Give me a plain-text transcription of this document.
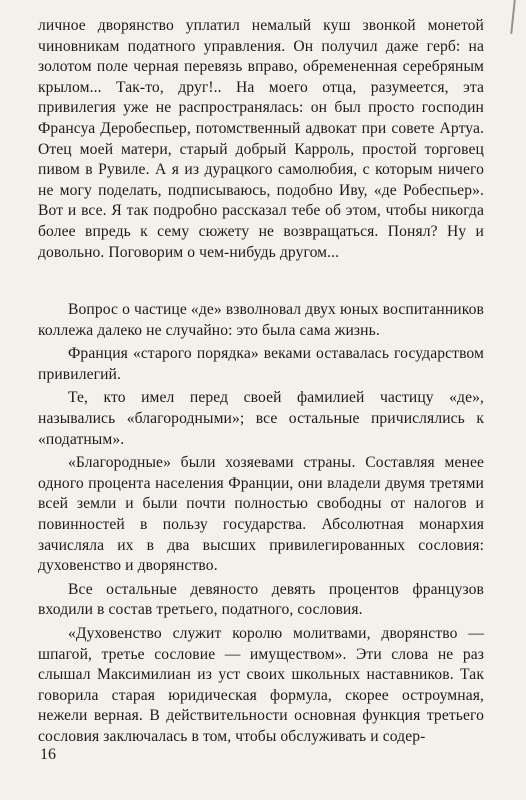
личное дворянство уплатил немалый куш звонкой монетой чиновникам податного управления. Он получил даже герб: на золотом поле черная перевязь вправо, обремененная серебряным крылом... Так-то, друг!.. На моего отца, разумеется, эта привилегия уже не распространялась: он был просто господин Франсуа Деробеспьер, потомственный адвокат при совете Артуа. Отец моей матери, старый добрый Карроль, простой торговец пивом в Рувиле. А я из дурацкого самолюбия, с которым ничего не могу поделать, подписываюсь, подобно Иву, «де Робеспьер». Вот и все. Я так подробно рассказал тебе об этом, чтобы никогда более впредь к сему сюжету не возвращаться. Понял? Ну и довольно. Поговорим о чем-нибудь другом...

Вопрос о частице «де» взволновал двух юных воспитанников коллежа далеко не случайно: это была сама жизнь.

Франция «старого порядка» веками оставалась государством привилегий.

Те, кто имел перед своей фамилией частицу «де», назывались «благородными»; все остальные причислялись к «податным».

«Благородные» были хозяевами страны. Составляя менее одного процента населения Франции, они владели двумя третями всей земли и были почти полностью свободны от налогов и повинностей в пользу государства. Абсолютная монархия зачисляла их в два высших привилегированных сословия: духовенство и дворянство.

Все остальные девяносто девять процентов французов входили в состав третьего, податного, сословия.

«Духовенство служит королю молитвами, дворянство — шпагой, третье сословие — имуществом». Эти слова не раз слышал Максимилиан из уст своих школьных наставников. Так говорила старая юридическая формула, скорее остроумная, нежели верная. В действительности основная функция третьего сословия заключалась в том, чтобы обслуживать и содер-

16
